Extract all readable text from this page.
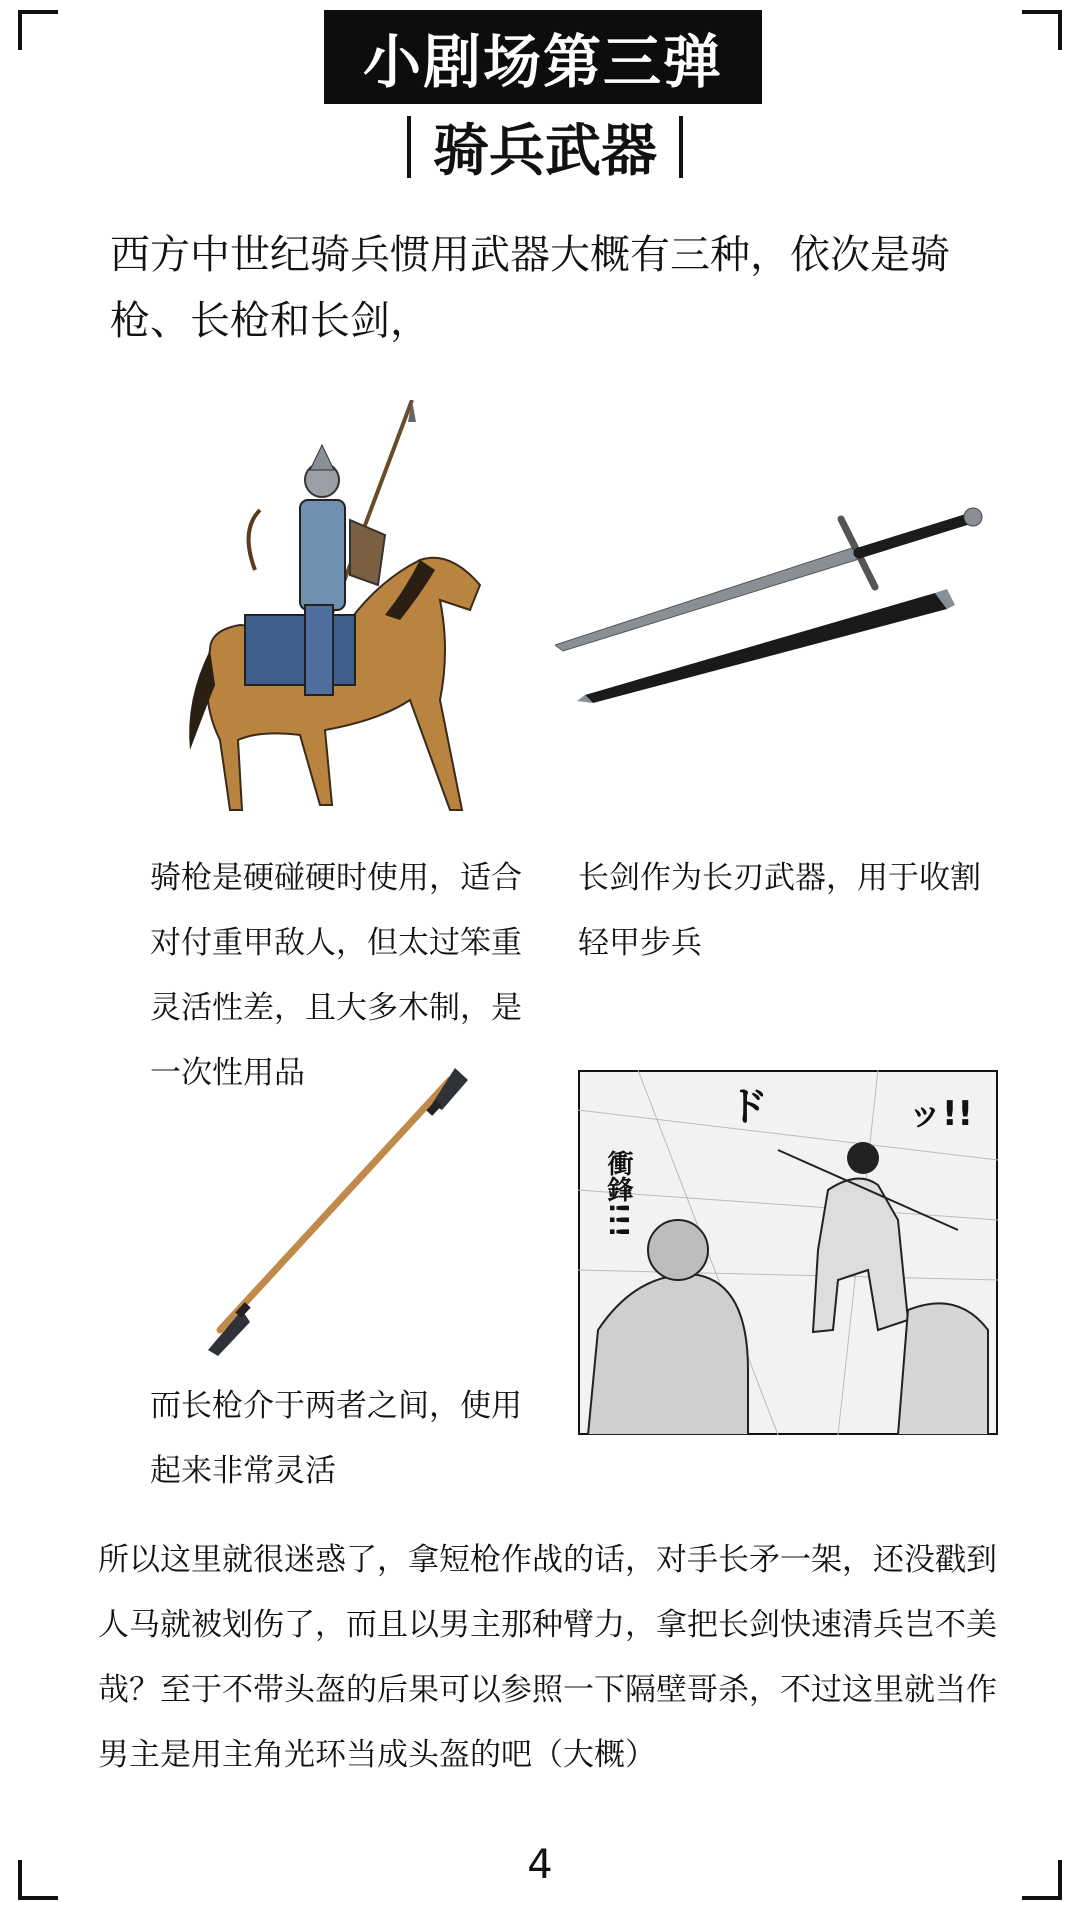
小剧场第三弹
骑兵武器
西方中世纪骑兵惯用武器大概有三种，依次是骑枪、长枪和长剑，
骑枪是硬碰硬时使用，适合对付重甲敌人，但太过笨重灵活性差，且大多木制，是一次性用品
长剑作为长刃武器，用于收割轻甲步兵
衝鋒!!!
ド	ッ!!
而长枪介于两者之间，使用起来非常灵活
所以这里就很迷惑了，拿短枪作战的话，对手长矛一架，还没戳到人马就被划伤了，而且以男主那种臂力，拿把长剑快速清兵岂不美哉？至于不带头盔的后果可以参照一下隔壁哥杀，不过这里就当作男主是用主角光环当成头盔的吧（大概）
4
